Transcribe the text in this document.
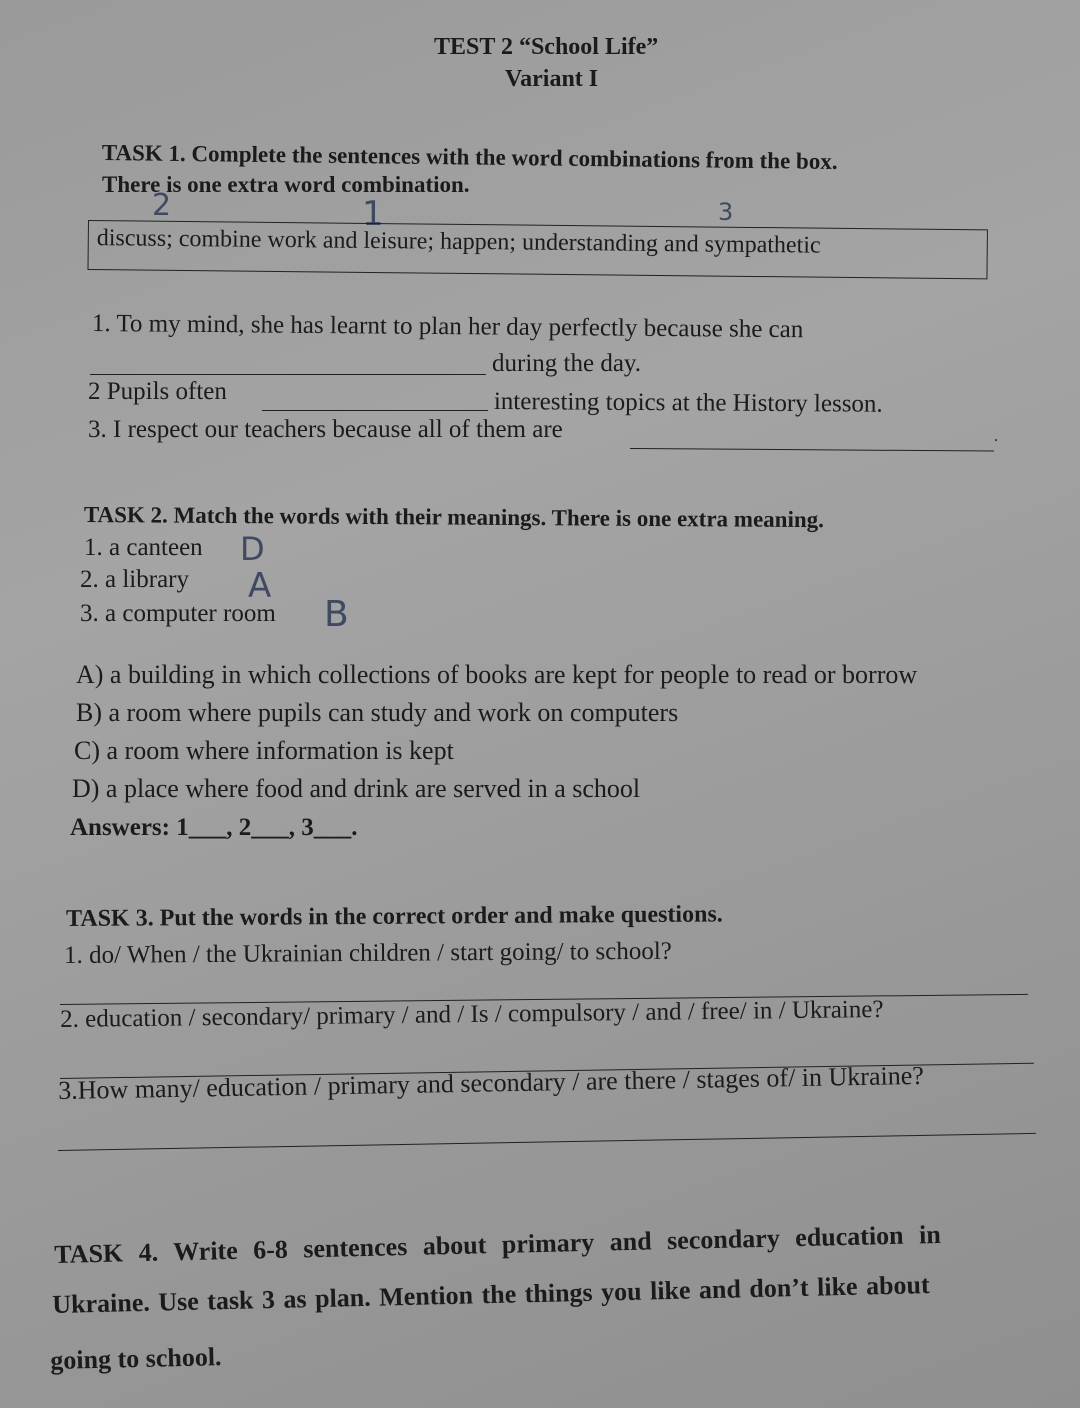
TEST 2 “School Life”
Variant I
TASK 1. Complete the sentences with the word combinations from the box.
There is one extra word combination.
2	1	3
discuss; combine work and leisure; happen; understanding and sympathetic
1. To my mind, she has learnt to plan her day perfectly because she can
during the day.
2 Pupils often	interesting topics at the History lesson.
3. I respect our teachers because all of them are	.
TASK 2. Match the words with their meanings. There is one extra meaning.
1. a canteen D
2. a library A
3. a computer room B
A) a building in which collections of books are kept for people to read or borrow
B) a room where pupils can study and work on computers
C) a room where information is kept
D) a place where food and drink are served in a school
Answers: 1___, 2___, 3___.
TASK 3. Put the words in the correct order and make questions.
1. do/ When / the Ukrainian children / start going/ to school?
2. education / secondary/ primary / and / Is / compulsory / and / free/ in / Ukraine?
3.How many/ education / primary and secondary / are there / stages of/ in Ukraine?
TASK 4. Write 6-8 sentences about primary and secondary education in
Ukraine. Use task 3 as plan. Mention the things you like and don’t like about
going to school.
